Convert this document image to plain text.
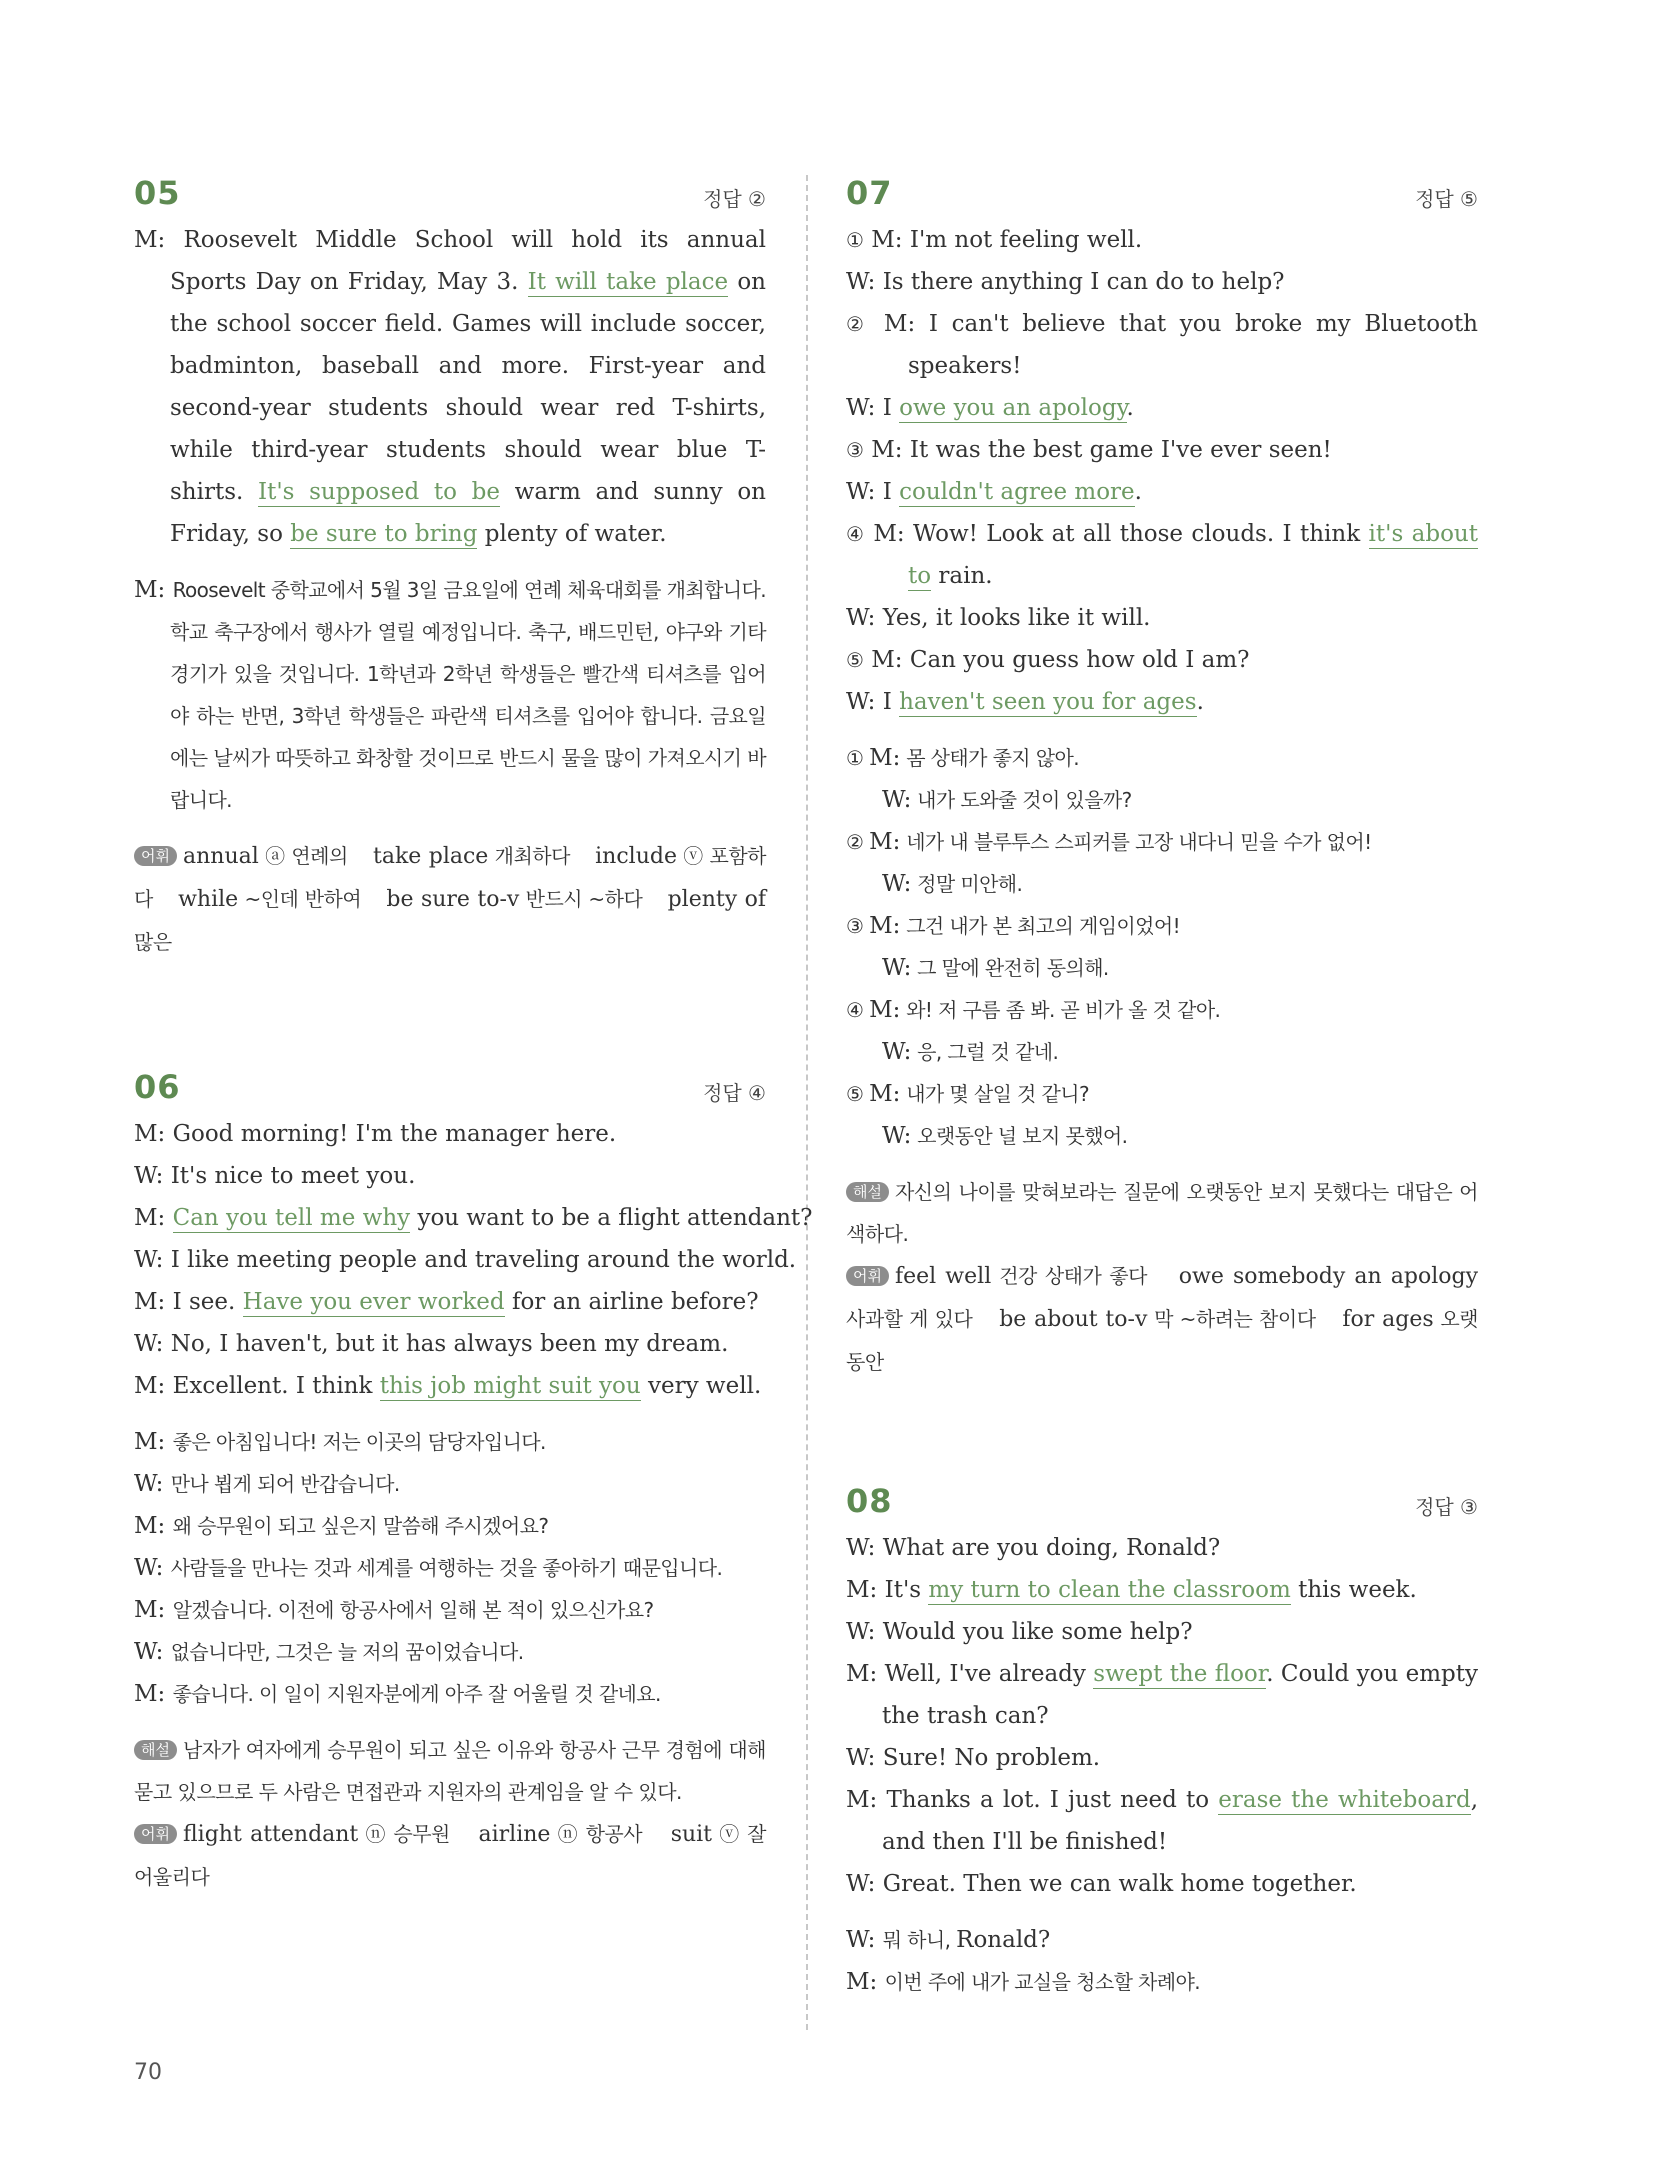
05	정답 ②
M: Roosevelt Middle School will hold its annual Sports Day on Friday, May 3. It will take place on the school soccer field. Games will include soccer, badminton, baseball and more. First-year and second-year students should wear red T-shirts, while third-year students should wear blue T-shirts. It's supposed to be warm and sunny on Friday, so be sure to bring plenty of water.
M: Roosevelt 중학교에서 5월 3일 금요일에 연례 체육대회를 개최합니다. 학교 축구장에서 행사가 열릴 예정입니다. 축구, 배드민턴, 야구와 기타 경기가 있을 것입니다. 1학년과 2학년 학생들은 빨간색 티셔츠를 입어야 하는 반면, 3학년 학생들은 파란색 티셔츠를 입어야 합니다. 금요일에는 날씨가 따뜻하고 화창할 것이므로 반드시 물을 많이 가져오시기 바랍니다.
어휘 annual ⓐ 연례의 take place 개최하다 include ⓥ 포함하다 while ~인데 반하여 be sure to-v 반드시 ~하다 plenty of 많은
06	정답 ④
M: Good morning! I'm the manager here.
W: It's nice to meet you.
M: Can you tell me why you want to be a flight attendant?
W: I like meeting people and traveling around the world.
M: I see. Have you ever worked for an airline before?
W: No, I haven't, but it has always been my dream.
M: Excellent. I think this job might suit you very well.
M: 좋은 아침입니다! 저는 이곳의 담당자입니다.
W: 만나 뵙게 되어 반갑습니다.
M: 왜 승무원이 되고 싶은지 말씀해 주시겠어요?
W: 사람들을 만나는 것과 세계를 여행하는 것을 좋아하기 때문입니다.
M: 알겠습니다. 이전에 항공사에서 일해 본 적이 있으신가요?
W: 없습니다만, 그것은 늘 저의 꿈이었습니다.
M: 좋습니다. 이 일이 지원자분에게 아주 잘 어울릴 것 같네요.
해설 남자가 여자에게 승무원이 되고 싶은 이유와 항공사 근무 경험에 대해 묻고 있으므로 두 사람은 면접관과 지원자의 관계임을 알 수 있다.
어휘 flight attendant ⓝ 승무원 airline ⓝ 항공사 suit ⓥ 잘 어울리다
07	정답 ⑤
① M: I'm not feeling well.
W: Is there anything I can do to help?
② M: I can't believe that you broke my Bluetooth speakers!
W: I owe you an apology.
③ M: It was the best game I've ever seen!
W: I couldn't agree more.
④ M: Wow! Look at all those clouds. I think it's about to rain.
W: Yes, it looks like it will.
⑤ M: Can you guess how old I am?
W: I haven't seen you for ages.
① M: 몸 상태가 좋지 않아.
W: 내가 도와줄 것이 있을까?
② M: 네가 내 블루투스 스피커를 고장 내다니 믿을 수가 없어!
W: 정말 미안해.
③ M: 그건 내가 본 최고의 게임이었어!
W: 그 말에 완전히 동의해.
④ M: 와! 저 구름 좀 봐. 곧 비가 올 것 같아.
W: 응, 그럴 것 같네.
⑤ M: 내가 몇 살일 것 같니?
W: 오랫동안 널 보지 못했어.
해설 자신의 나이를 맞혀보라는 질문에 오랫동안 보지 못했다는 대답은 어색하다.
어휘 feel well 건강 상태가 좋다 owe somebody an apology 사과할 게 있다 be about to-v 막 ~하려는 참이다 for ages 오랫동안
08	정답 ③
W: What are you doing, Ronald?
M: It's my turn to clean the classroom this week.
W: Would you like some help?
M: Well, I've already swept the floor. Could you empty the trash can?
W: Sure! No problem.
M: Thanks a lot. I just need to erase the whiteboard, and then I'll be finished!
W: Great. Then we can walk home together.
W: 뭐 하니, Ronald?
M: 이번 주에 내가 교실을 청소할 차례야.
70
